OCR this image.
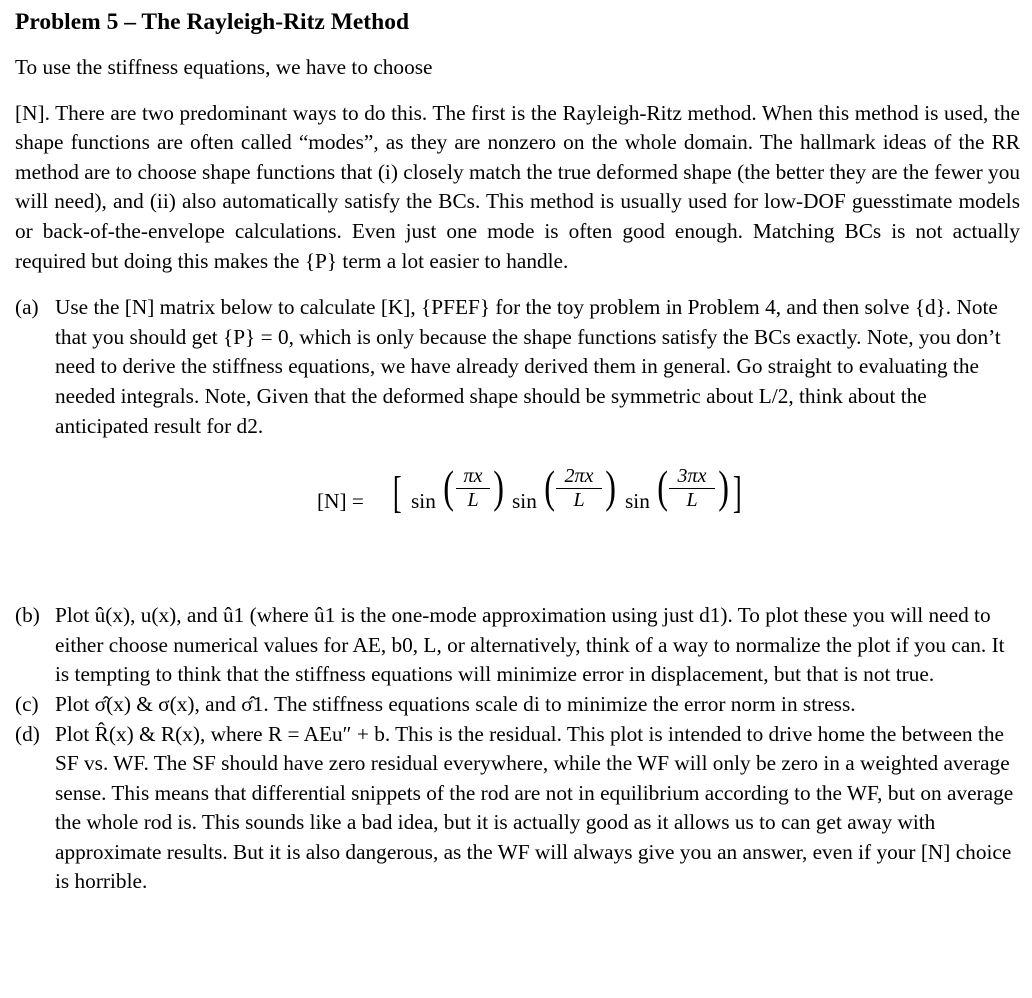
Problem 5 – The Rayleigh-Ritz Method

To use the stiffness equations, we have to choose

[N]. There are two predominant ways to do this. The first is the Rayleigh-Ritz method. When this method is used, the shape functions are often called “modes”, as they are nonzero on the whole domain. The hallmark ideas of the RR method are to choose shape functions that (i) closely match the true deformed shape (the better they are the fewer you will need), and (ii) also automatically satisfy the BCs. This method is usually used for low-DOF guesstimate models or back-of-the-envelope calculations. Even just one mode is often good enough. Matching BCs is not actually required but doing this makes the {P} term a lot easier to handle.

(a) Use the [N] matrix below to calculate [K], {PFEF} for the toy problem in Problem 4, and then solve {d}. Note that you should get {P} = 0, which is only because the shape functions satisfy the BCs exactly. Note, you don’t need to derive the stiffness equations, we have already derived them in general. Go straight to evaluating the needed integrals. Note, Given that the deformed shape should be symmetric about L/2, think about the anticipated result for d2.
[N] = [ sin ( $\frac{\pi x}{L}$ ) sin ( $\frac{2\pi x}{L}$ ) sin ( $\frac{3\pi x}{L}$ ) ]
(b) Plot û(x), u(x), and û1 (where û1 is the one-mode approximation using just d1). To plot these you will need to either choose numerical values for AE, b0, L, or alternatively, think of a way to normalize the plot if you can. It is tempting to think that the stiffness equations will minimize error in displacement, but that is not true.
(c) Plot σ̂(x) & σ(x), and σ̂1. The stiffness equations scale di to minimize the error norm in stress.
(d) Plot R̂(x) & R(x), where R = AEu″ + b. This is the residual. This plot is intended to drive home the between the SF vs. WF. The SF should have zero residual everywhere, while the WF will only be zero in a weighted average sense. This means that differential snippets of the rod are not in equilibrium according to the WF, but on average the whole rod is. This sounds like a bad idea, but it is actually good as it allows us to can get away with approximate results. But it is also dangerous, as the WF will always give you an answer, even if your [N] choice is horrible.
